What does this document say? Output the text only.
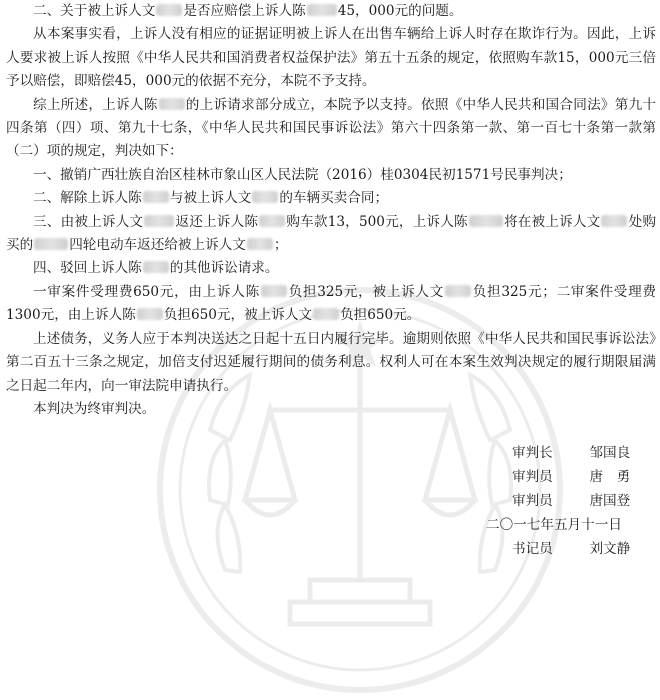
二、关于被上诉人文 是否应赔偿上诉人陈 45，000元的问题。

从本案事实看，上诉人没有相应的证据证明被上诉人在出售车辆给上诉人时存在欺诈行为。因此，上诉人要求被上诉人按照《中华人民共和国消费者权益保护法》第五十五条的规定，依照购车款15，000元三倍予以赔偿，即赔偿45，000元的依据不充分，本院不予支持。

综上所述，上诉人陈 的上诉请求部分成立，本院予以支持。依照《中华人民共和国合同法》第九十四条第（四）项、第九十七条，《中华人民共和国民事诉讼法》第六十四条第一款、第一百七十条第一款第（二）项的规定，判决如下：

一、撤销广西壮族自治区桂林市象山区人民法院（2016）桂0304民初1571号民事判决；

二、解除上诉人陈 与被上诉人文 的车辆买卖合同；

三、由被上诉人文 返还上诉人陈 购车款13，500元，上诉人陈	将在被上诉人文 处购买的	四轮电动车返还给被上诉人文 ；

四、驳回上诉人陈 的其他诉讼请求。

一审案件受理费650元，由上诉人陈 负担325元，被上诉人文 负担325元；二审案件受理费1300元，由上诉人陈 负担650元，被上诉人文 负担650元。

上述债务，义务人应于本判决送达之日起十五日内履行完毕。逾期则依照《中华人民共和国民事诉讼法》第二百五十三条之规定，加倍支付迟延履行期间的债务利息。权利人可在本案生效判决规定的履行期限届满之日起二年内，向一审法院申请执行。

本判决为终审判决。

审判长	邹国良
审判员	唐　勇
审判员	唐国登
二〇一七年五月十一日
书记员	刘文静
